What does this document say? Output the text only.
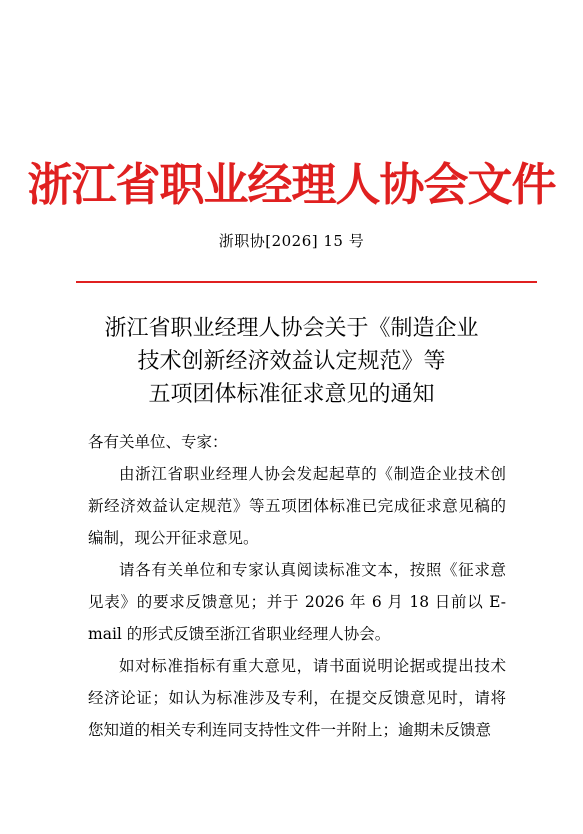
浙江省职业经理人协会文件
浙职协[2026] 15 号
浙江省职业经理人协会关于《制造企业
技术创新经济效益认定规范》等
五项团体标准征求意见的通知

各有关单位、专家：

由浙江省职业经理人协会发起起草的《制造企业技术创新经济效益认定规范》等五项团体标准已完成征求意见稿的编制，现公开征求意见。

请各有关单位和专家认真阅读标准文本，按照《征求意见表》的要求反馈意见；并于 2026 年 6 月 18 日前以 E-mail 的形式反馈至浙江省职业经理人协会。

如对标准指标有重大意见，请书面说明论据或提出技术经济论证；如认为标准涉及专利，在提交反馈意见时，请将您知道的相关专利连同支持性文件一并附上；逾期未反馈意
